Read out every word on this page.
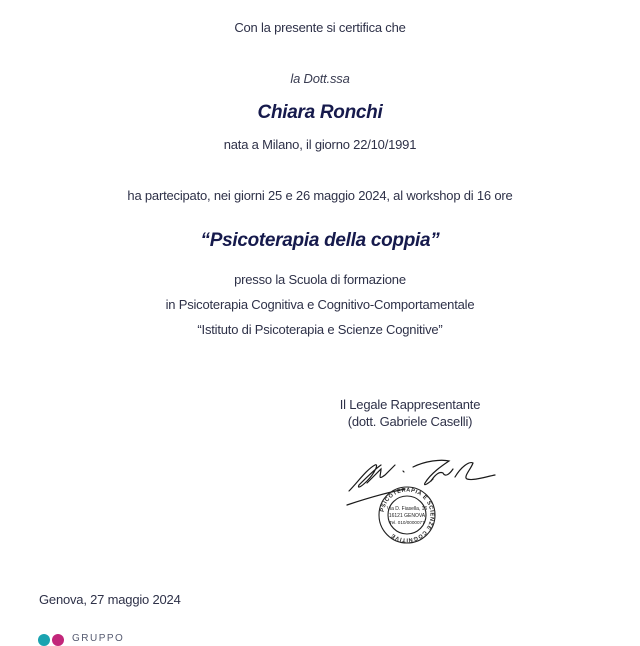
Con la presente si certifica che
la Dott.ssa
Chiara Ronchi
nata a Milano, il giorno 22/10/1991
ha partecipato, nei giorni 25 e 26 maggio 2024, al workshop di 16 ore
“Psicoterapia della coppia”
presso la Scuola di formazione
in Psicoterapia Cognitiva e Cognitivo-Comportamentale
“Istituto di Psicoterapia e Scienze Cognitive”
Il Legale Rappresentante
(dott. Gabriele Caselli)
PSICOTERAPIA E SCIENZE COGNITIVE
Via D. Fiasella, 16
16121 GENOVA
Tel. 010/0000077
Genova, 27 maggio 2024
GRUPPO
